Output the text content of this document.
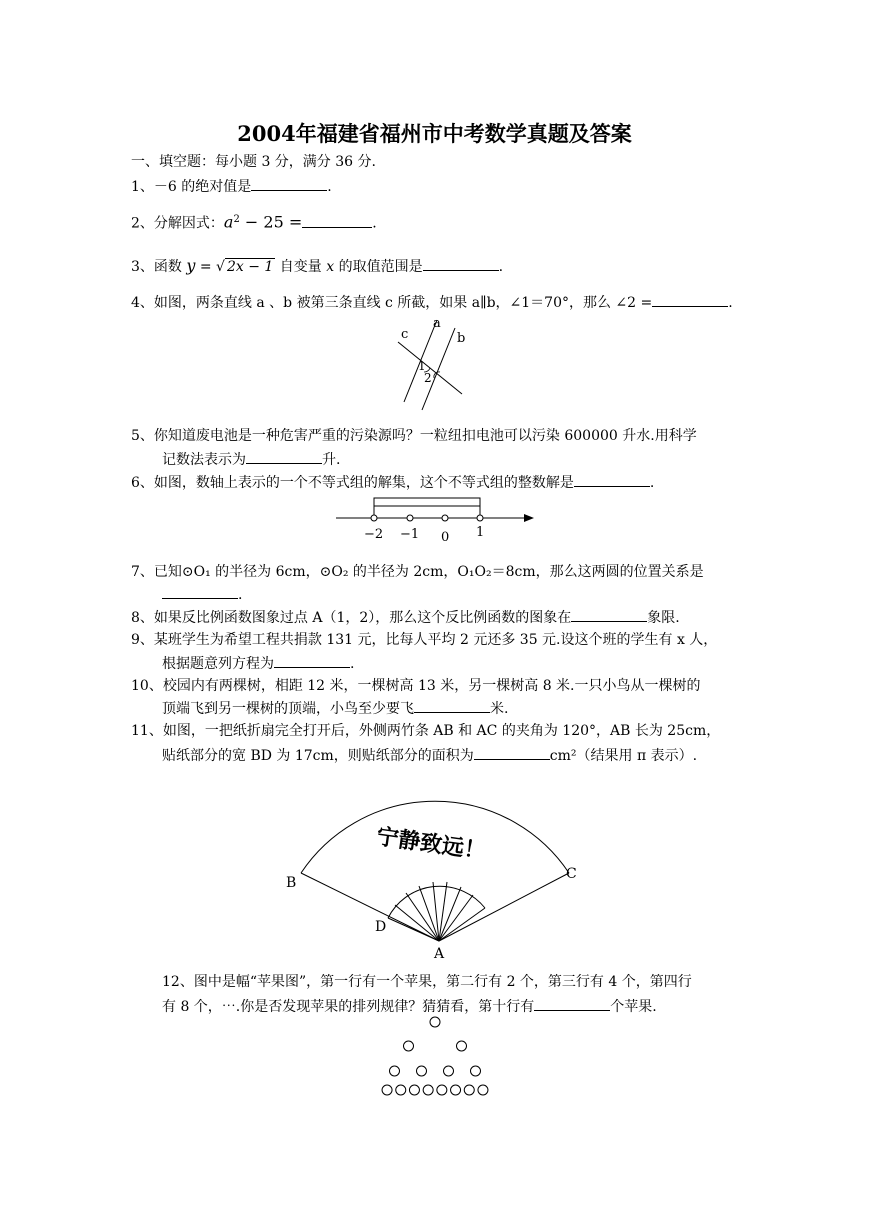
2004年福建省福州市中考数学真题及答案
一、填空题：每小题 3 分，满分 36 分.
1、－6 的绝对值是	.
2、分解因式：$a^2 - 25$ =	.
3、函数 y = √ 2x − 1 自变量 x 的取值范围是	.
4、如图，两条直线 a 、b 被第三条直线 c 所截，如果 a∥b，∠1＝70°，那么 ∠2 =	.
a
b
c
1
2
5、你知道废电池是一种危害严重的污染源吗？一粒纽扣电池可以污染 600000 升水.用科学
记数法表示为	升.
6、如图，数轴上表示的一个不等式组的解集，这个不等式组的整数解是	.
−2 −1 0 1
7、已知⊙O₁ 的半径为 6cm，⊙O₂ 的半径为 2cm，O₁O₂＝8cm，那么这两圆的位置关系是
.
8、如果反比例函数图象过点 A（1，2），那么这个反比例函数的图象在	象限.
9、某班学生为希望工程共捐款 131 元，比每人平均 2 元还多 35 元.设这个班的学生有 x 人，
根据题意列方程为	.
10、校园内有两棵树，相距 12 米，一棵树高 13 米，另一棵树高 8 米.一只小鸟从一棵树的
顶端飞到另一棵树的顶端，小鸟至少要飞	米.
11、如图，一把纸折扇完全打开后，外侧两竹条 AB 和 AC 的夹角为 120°，AB 长为 25cm，
贴纸部分的宽 BD 为 17cm，则贴纸部分的面积为	cm²（结果用 π 表示）.
宁静致远！
B
C
D
A
12、图中是幅“苹果图”，第一行有一个苹果，第二行有 2 个，第三行有 4 个，第四行
有 8 个，⋯.你是否发现苹果的排列规律？猜猜看，第十行有	个苹果.
